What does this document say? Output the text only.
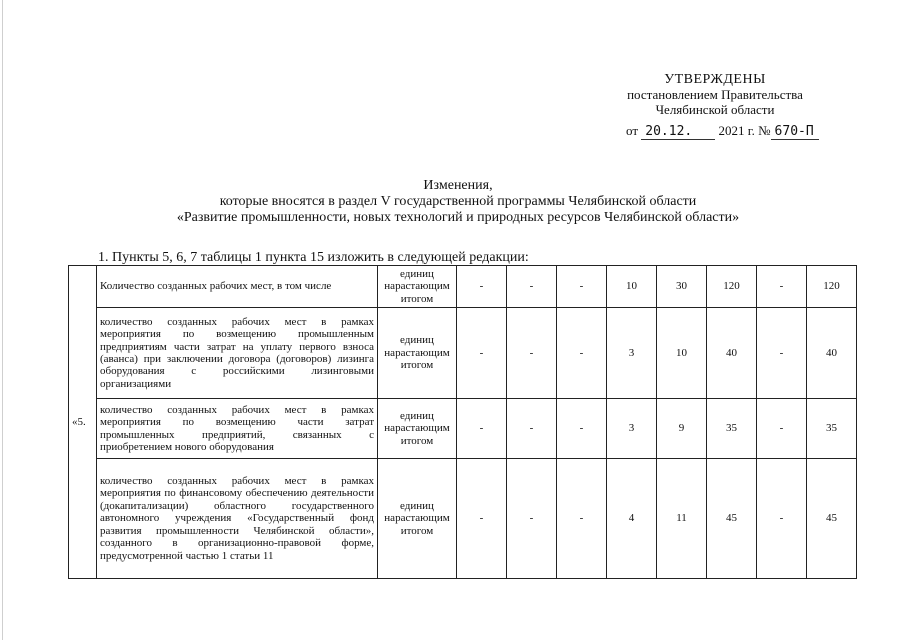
УТВЕРЖДЕНЫ
постановлением Правительства
Челябинской области
от 20.12. 2021 г. № 670-П
Изменения,
которые вносятся в раздел V государственной программы Челябинской области
«Развитие промышленности, новых технологий и природных ресурсов Челябинской области»
1. Пункты 5, 6, 7 таблицы 1 пункта 15 изложить в следующей редакции:
«5.	Количество созданных рабочих мест, в том числе	единиц нарастающим итогом	-	-	-	10	30	120	-	120
	количество созданных рабочих мест в рамках мероприятия по возмещению промышленным предприятиям части затрат на уплату первого взноса (аванса) при заключении договора (договоров) лизинга оборудования с российскими лизинговыми организациями	единиц нарастающим итогом	-	-	-	3	10	40	-	40
	количество созданных рабочих мест в рамках мероприятия по возмещению части затрат промышленных предприятий, связанных с приобретением нового оборудования	единиц нарастающим итогом	-	-	-	3	9	35	-	35
	количество созданных рабочих мест в рамках мероприятия по финансовому обеспечению деятельности (докапитализации) областного государственного автономного учреждения «Государственный фонд развития промышленности Челябинской области», созданного в организационно-правовой форме, предусмотренной частью 1 статьи 11	единиц нарастающим итогом	-	-	-	4	11	45	-	45
